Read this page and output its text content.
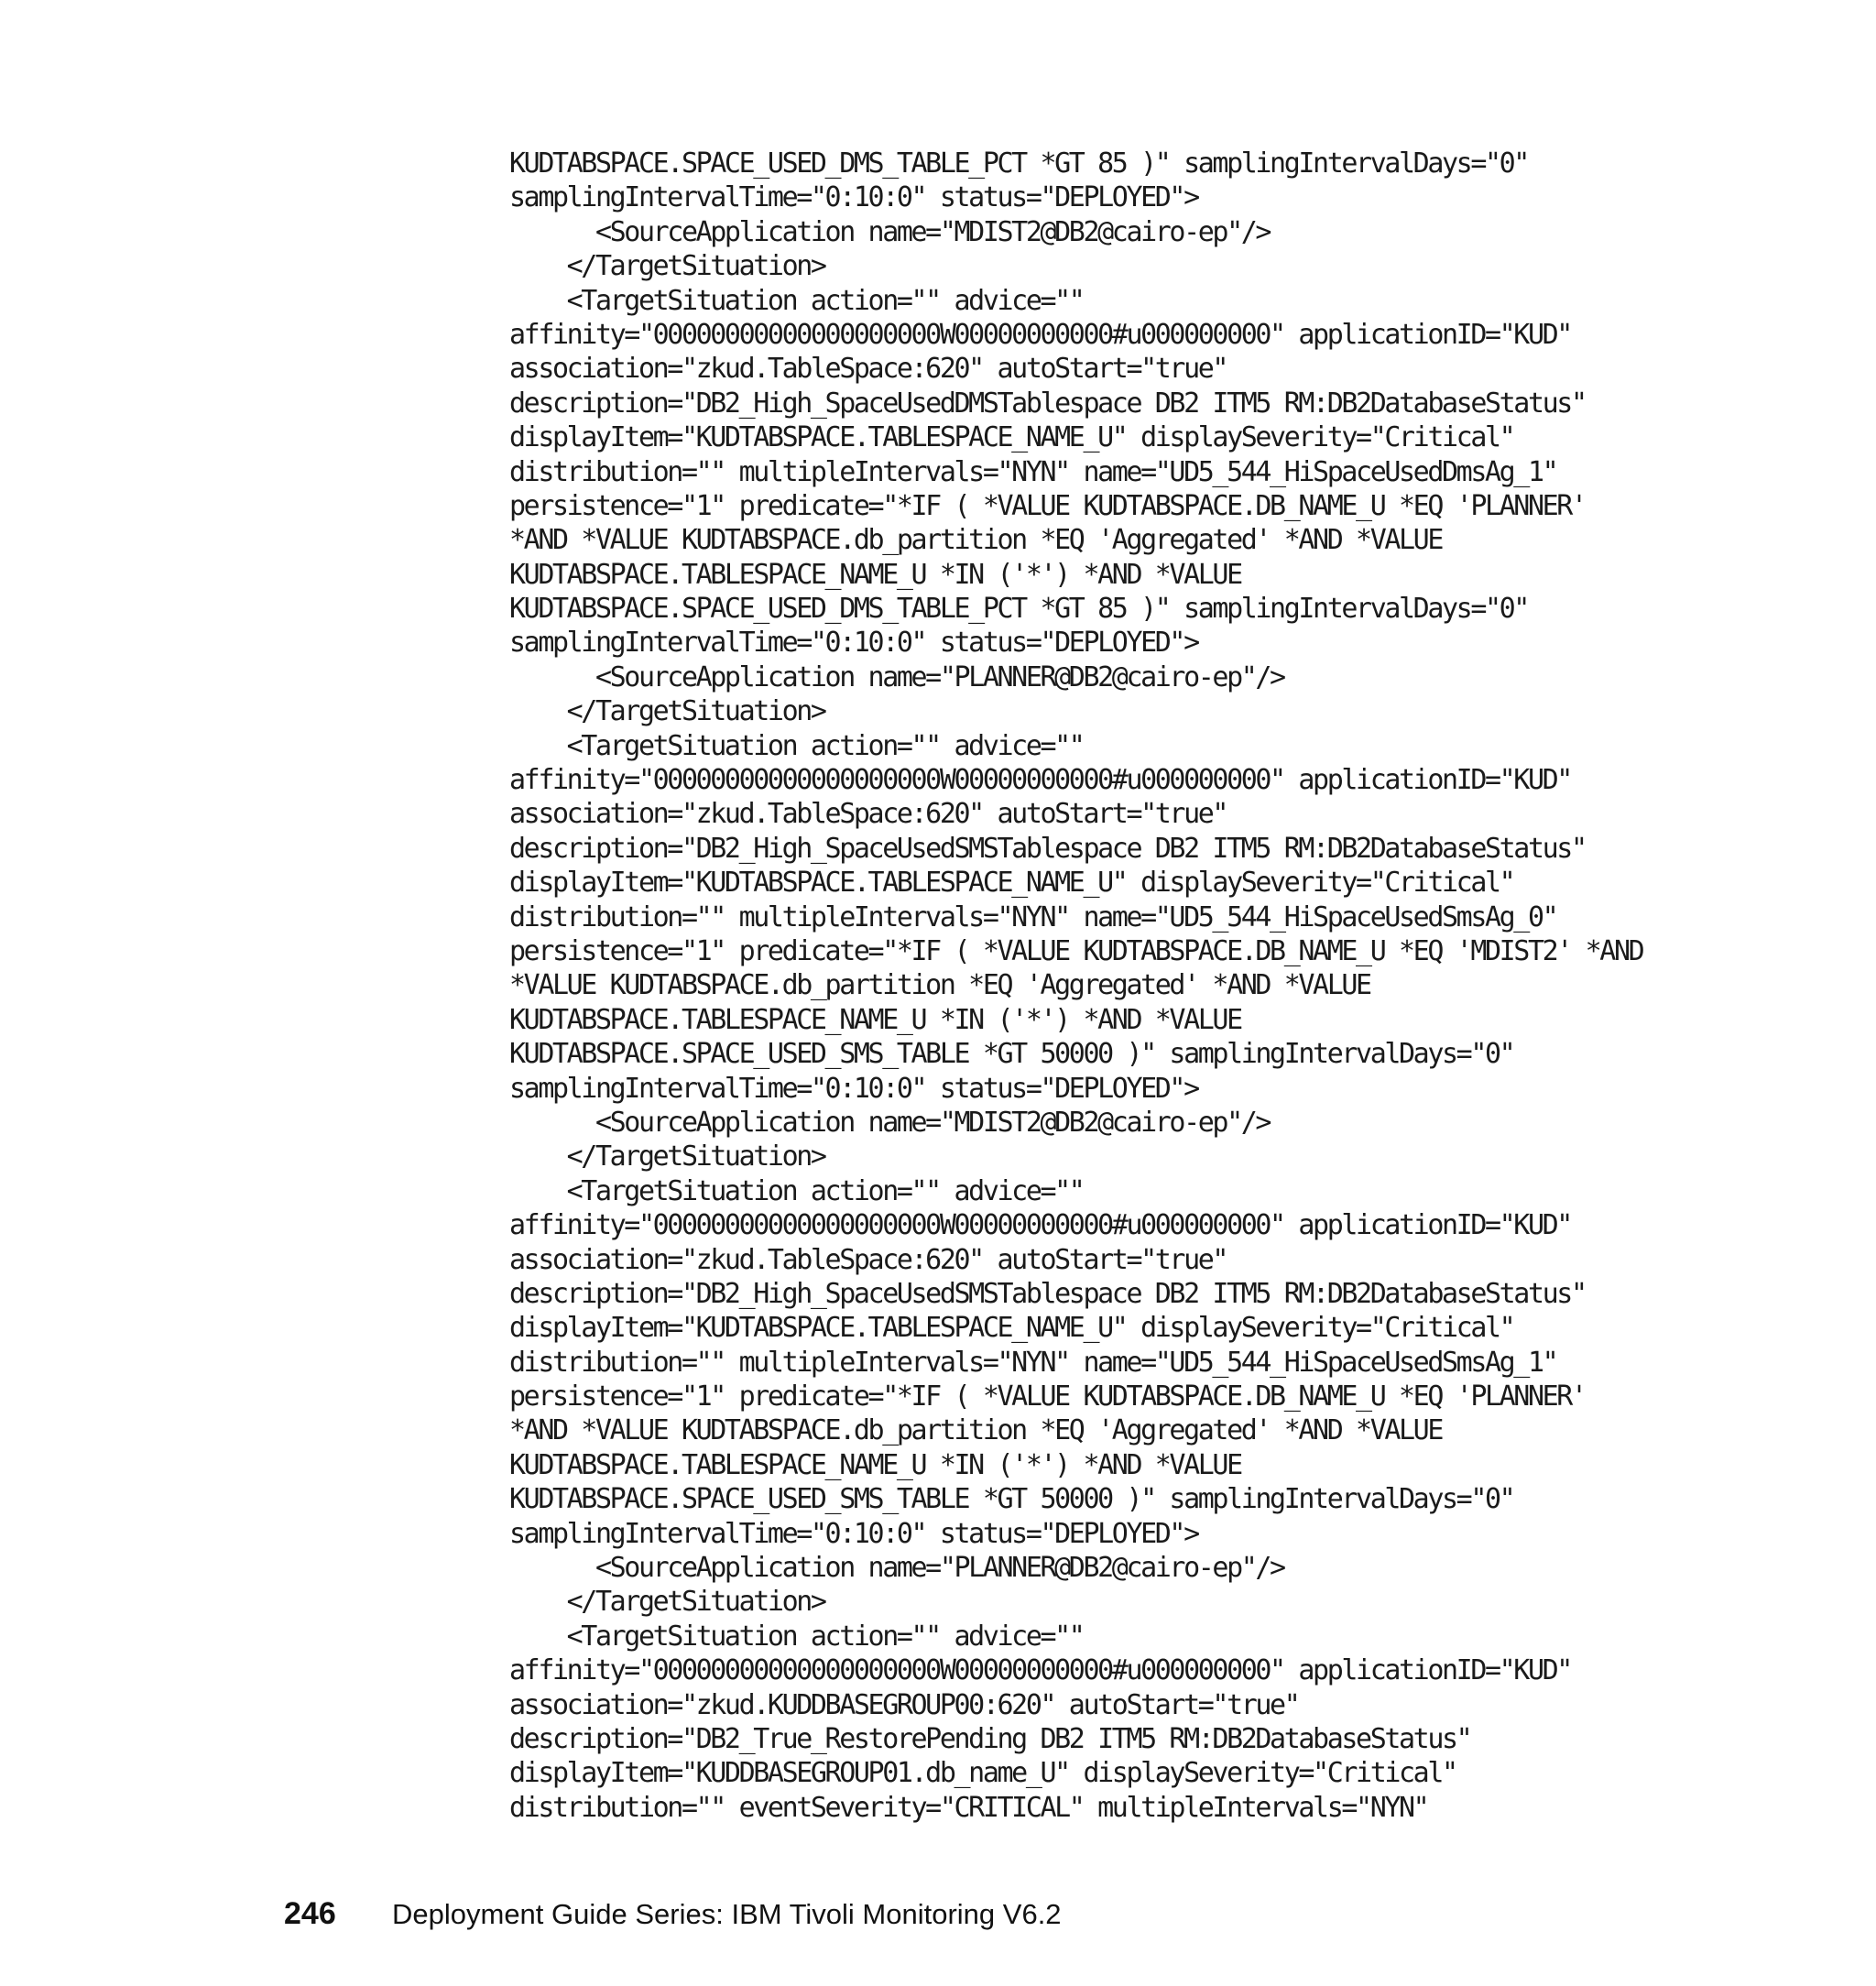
KUDTABSPACE.SPACE_USED_DMS_TABLE_PCT *GT 85 )" samplingIntervalDays="0"
samplingIntervalTime="0:10:0" status="DEPLOYED">
<SourceApplication name="MDIST2@DB2@cairo-ep"/>
</TargetSituation>
<TargetSituation action="" advice=""
affinity="00000000000000000000W00000000000#u000000000" applicationID="KUD"
association="zkud.TableSpace:620" autoStart="true"
description="DB2_High_SpaceUsedDMSTablespace DB2 ITM5 RM:DB2DatabaseStatus"
displayItem="KUDTABSPACE.TABLESPACE_NAME_U" displaySeverity="Critical"
distribution="" multipleIntervals="NYN" name="UD5_544_HiSpaceUsedDmsAg_1"
persistence="1" predicate="*IF ( *VALUE KUDTABSPACE.DB_NAME_U *EQ 'PLANNER'
*AND *VALUE KUDTABSPACE.db_partition *EQ 'Aggregated' *AND *VALUE
KUDTABSPACE.TABLESPACE_NAME_U *IN ('*') *AND *VALUE
KUDTABSPACE.SPACE_USED_DMS_TABLE_PCT *GT 85 )" samplingIntervalDays="0"
samplingIntervalTime="0:10:0" status="DEPLOYED">
<SourceApplication name="PLANNER@DB2@cairo-ep"/>
</TargetSituation>
<TargetSituation action="" advice=""
affinity="00000000000000000000W00000000000#u000000000" applicationID="KUD"
association="zkud.TableSpace:620" autoStart="true"
description="DB2_High_SpaceUsedSMSTablespace DB2 ITM5 RM:DB2DatabaseStatus"
displayItem="KUDTABSPACE.TABLESPACE_NAME_U" displaySeverity="Critical"
distribution="" multipleIntervals="NYN" name="UD5_544_HiSpaceUsedSmsAg_0"
persistence="1" predicate="*IF ( *VALUE KUDTABSPACE.DB_NAME_U *EQ 'MDIST2' *AND
*VALUE KUDTABSPACE.db_partition *EQ 'Aggregated' *AND *VALUE
KUDTABSPACE.TABLESPACE_NAME_U *IN ('*') *AND *VALUE
KUDTABSPACE.SPACE_USED_SMS_TABLE *GT 50000 )" samplingIntervalDays="0"
samplingIntervalTime="0:10:0" status="DEPLOYED">
<SourceApplication name="MDIST2@DB2@cairo-ep"/>
</TargetSituation>
<TargetSituation action="" advice=""
affinity="00000000000000000000W00000000000#u000000000" applicationID="KUD"
association="zkud.TableSpace:620" autoStart="true"
description="DB2_High_SpaceUsedSMSTablespace DB2 ITM5 RM:DB2DatabaseStatus"
displayItem="KUDTABSPACE.TABLESPACE_NAME_U" displaySeverity="Critical"
distribution="" multipleIntervals="NYN" name="UD5_544_HiSpaceUsedSmsAg_1"
persistence="1" predicate="*IF ( *VALUE KUDTABSPACE.DB_NAME_U *EQ 'PLANNER'
*AND *VALUE KUDTABSPACE.db_partition *EQ 'Aggregated' *AND *VALUE
KUDTABSPACE.TABLESPACE_NAME_U *IN ('*') *AND *VALUE
KUDTABSPACE.SPACE_USED_SMS_TABLE *GT 50000 )" samplingIntervalDays="0"
samplingIntervalTime="0:10:0" status="DEPLOYED">
<SourceApplication name="PLANNER@DB2@cairo-ep"/>
</TargetSituation>
<TargetSituation action="" advice=""
affinity="00000000000000000000W00000000000#u000000000" applicationID="KUD"
association="zkud.KUDDBASEGROUP00:620" autoStart="true"
description="DB2_True_RestorePending DB2 ITM5 RM:DB2DatabaseStatus"
displayItem="KUDDBASEGROUP01.db_name_U" displaySeverity="Critical"
distribution="" eventSeverity="CRITICAL" multipleIntervals="NYN"
246	Deployment Guide Series: IBM Tivoli Monitoring V6.2
